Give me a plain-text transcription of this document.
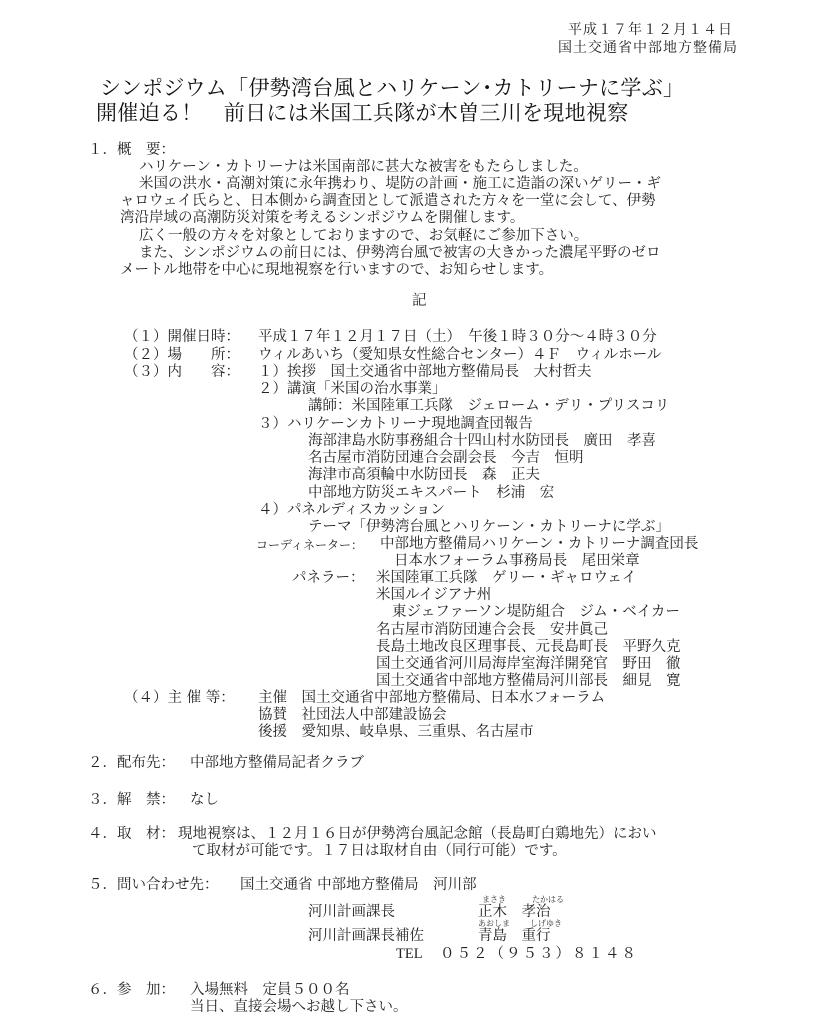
平成１７年１２月１４日
国土交通省中部地方整備局
シンポジウム「伊勢湾台風とハリケーン･カトリーナに学ぶ」
開催迫る！　前日には米国工兵隊が木曽三川を現地視察
１．概　要：
ハリケーン・カトリーナは米国南部に甚大な被害をもたらしました。
米国の洪水・高潮対策に永年携わり、堤防の計画・施工に造詣の深いゲリー・ギ
ャロウェイ氏らと、日本側から調査団として派遣された方々を一堂に会して、伊勢
湾沿岸域の高潮防災対策を考えるシンポジウムを開催します。
広く一般の方々を対象としておりますので、お気軽にご参加下さい。
また、シンポジウムの前日には、伊勢湾台風で被害の大きかった濃尾平野のゼロ
メートル地帯を中心に現地視察を行いますので、お知らせします。
記
（１）開催日時： 平成１７年１２月１７日（土）　午後１時３０分～４時３０分
（２）場　　所： ウィルあいち（愛知県女性総合センター）４Ｆ　ウィルホール
（３）内　　容： １）挨拶　国土交通省中部地方整備局長　大村哲夫
２）講演「米国の治水事業」
講師：米国陸軍工兵隊　ジェローム・デリ・プリスコリ
３）ハリケーンカトリーナ現地調査団報告
海部津島水防事務組合十四山村水防団長　廣田　孝喜
名古屋市消防団連合会副会長　今吉　恒明
海津市高須輪中水防団長　森　正夫
中部地方防災エキスパート　杉浦　宏
４）パネルディスカッション
テーマ「伊勢湾台風とハリケーン・カトリーナに学ぶ」
コーディネーター： 中部地方整備局ハリケーン・カトリーナ調査団長
日本水フォーラム事務局長　尾田栄章
パネラー： 米国陸軍工兵隊　ゲリー・ギャロウェイ
米国ルイジアナ州
東ジェファーソン堤防組合　ジム・ベイカー
名古屋市消防団連合会長　安井眞己
長島土地改良区理事長、元長島町長　平野久克
国土交通省河川局海岸室海洋開発官　野田　徹
国土交通省中部地方整備局河川部長　細見　寛
（４）主 催 等： 主催　国土交通省中部地方整備局、日本水フォーラム
協賛　社団法人中部建設協会
後援　愛知県、岐阜県、三重県、名古屋市
２．配布先： 中部地方整備局記者クラブ
３．解　禁： なし
４．取　材： 現地視察は、１２月１６日が伊勢湾台風記念館（長島町白鶏地先）におい
て取材が可能です。１７日は取材自由（同行可能）です。
５．問い合わせ先： 国土交通省 中部地方整備局　河川部
まさき	たかはる
河川計画課長	正木　孝治
あおしま	しげゆき
河川計画課長補佐	青島　重行
TEL ０５２（９５３）８１４８
６．参　加： 入場無料　定員５００名
当日、直接会場へお越し下さい。
